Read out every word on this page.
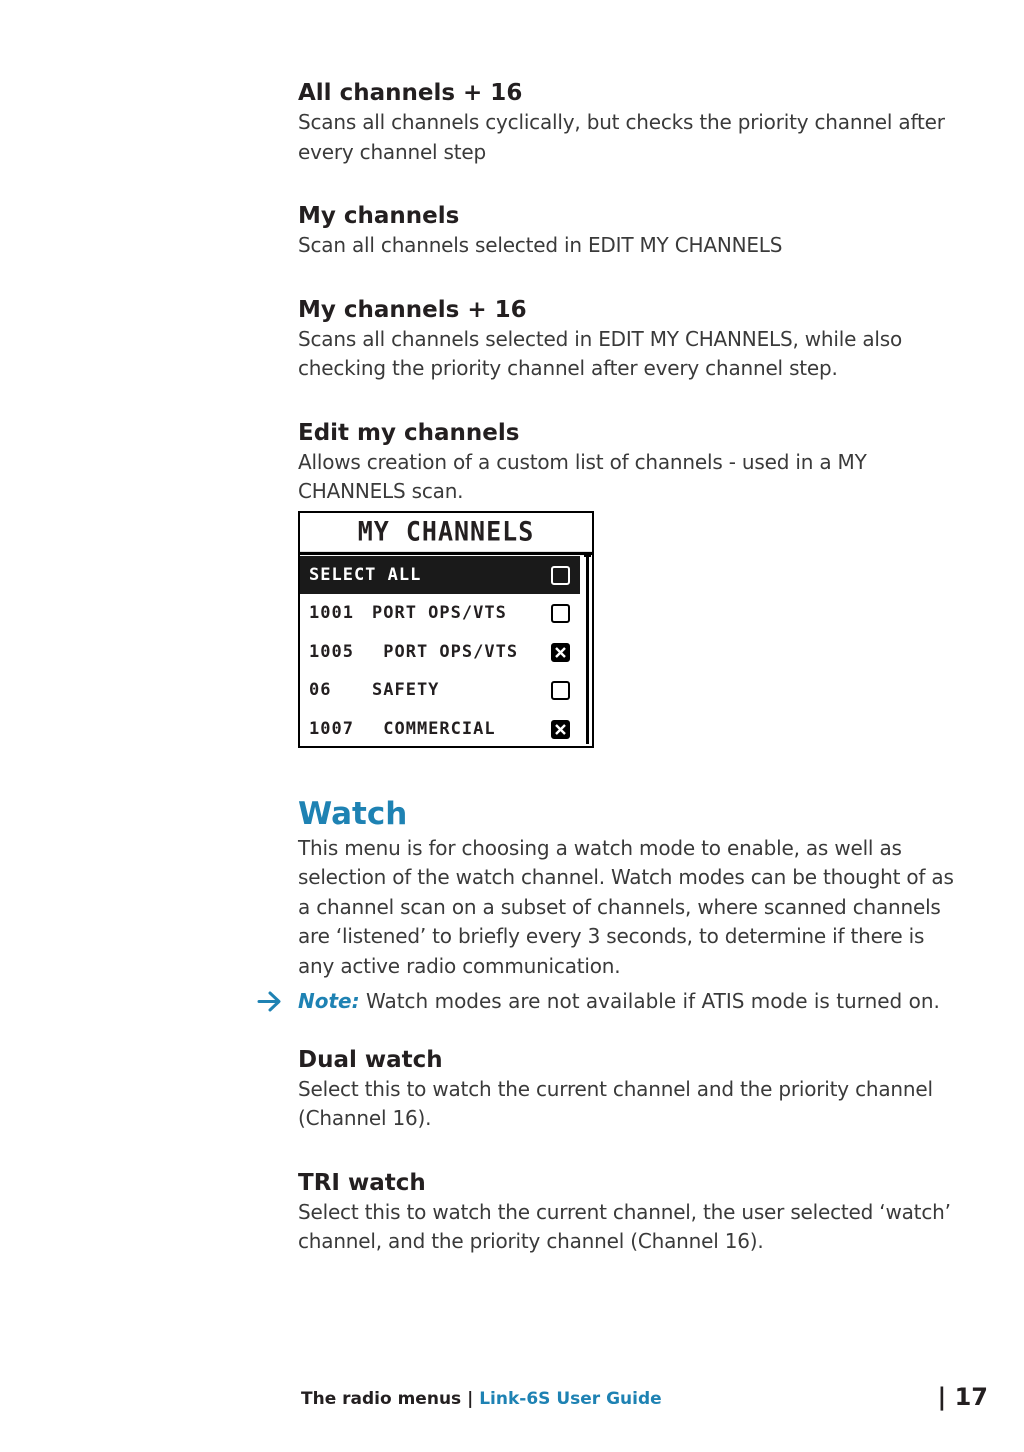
All channels + 16

Scans all channels cyclically, but checks the priority channel after every channel step

My channels

Scan all channels selected in EDIT MY CHANNELS

My channels + 16

Scans all channels selected in EDIT MY CHANNELS, while also checking the priority channel after every channel step.

Edit my channels

Allows creation of a custom list of channels - used in a MY CHANNELS scan.

MY CHANNELS
SELECT ALL
1001 PORT OPS/VTS
1005 PORT OPS/VTS
06 SAFETY
1007 COMMERCIAL
Watch

This menu is for choosing a watch mode to enable, as well as selection of the watch channel. Watch modes can be thought of as a channel scan on a subset of channels, where scanned channels are ‘listened’ to briefly every 3 seconds, to determine if there is any active radio communication.

Note: Watch modes are not available if ATIS mode is turned on.
Dual watch

Select this to watch the current channel and the priority channel (Channel 16).

TRI watch

Select this to watch the current channel, the user selected ‘watch’ channel, and the priority channel (Channel 16).

The radio menus | Link-6S User Guide	| 17
